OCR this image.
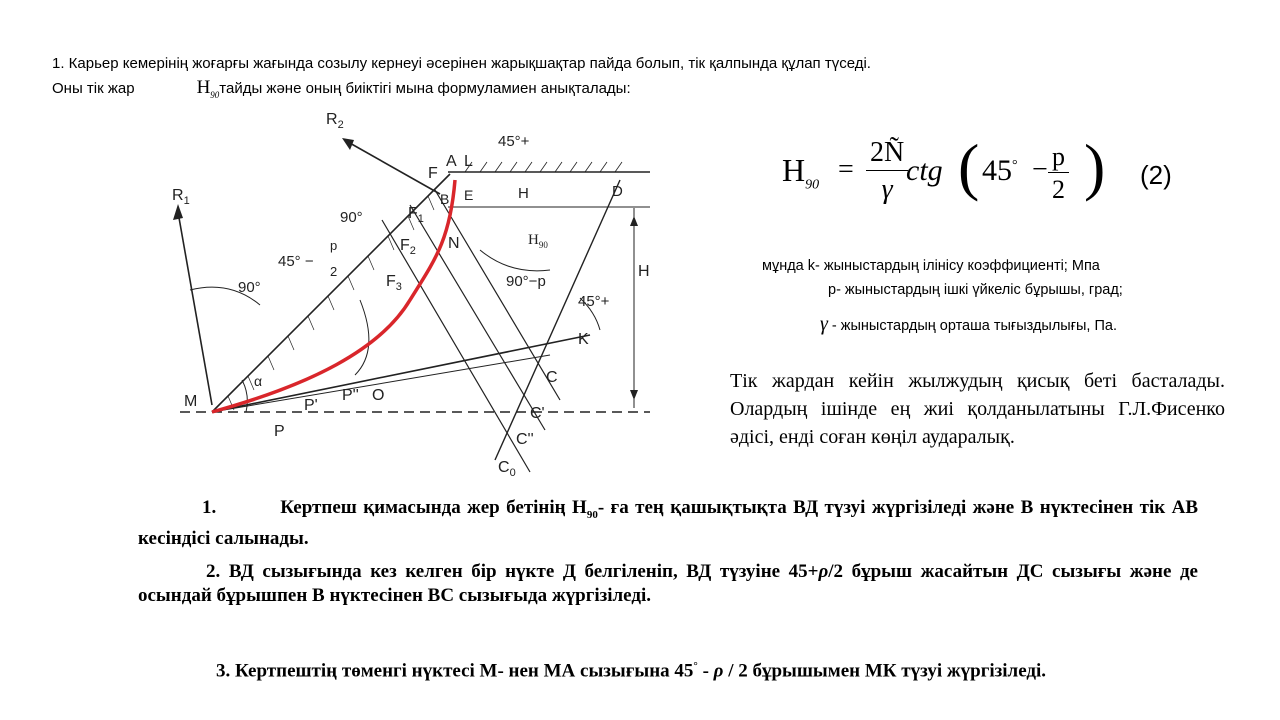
1. Карьер кемерінің жоғарғы жағында созылу кернеуі әсерінен жарықшақтар пайда болып, тік қалпында құлап түседі.
Оны тік жар	$Н_{90}тайды$ және оның биіктігі мына формуламиен анықталады:
$R_1$
$R_2$
F
A L
B E	D
$F_1$
$F_2$
$F_3$
N
H
H
$Н_{90}$
M
α
P
P'
P'' O
K
C
C'
C''
$C_0$
90°
90°
45° −
p
2
45°+
90°−p
45°+
$Н_{90} = \frac{2Ñ}{\gamma}$
ctg ( $45^\circ - \frac{p}{2}$ ) (2)
мұнда k- жыныстардың ілінісу коэффициенті; Мпа
р- жыныстардың ішкі үйкеліс бұрышы, град;
γ - жыныстардың орташа тығыздылығы, Па.
Тік жардан кейін жылжудың қисық беті басталады. Олардың ішінде ең жиі қолданылатыны Г.Л.Фисенко әдісі, енді соған көңіл аударалық.
1.	Кертпеш қимасында жер бетінің $Н_{90}-$ ға тең қашықтықта ВД түзуі жүргізіледі және В нүктесінен тік АВ кесіндісі салынады.
2. ВД сызығында кез келген бір нүкте Д белгіленіп, ВД түзуіне 45+ρ/2 бұрыш жасайтын ДС сызығы және де осындай бұрышпен В нүктесінен ВС сызығыда жүргізіледі.
3. Кертпештің төменгі нүктесі М- нен МА сызығына 45° - ρ / 2 бұрышымен МК түзуі жүргізіледі.
